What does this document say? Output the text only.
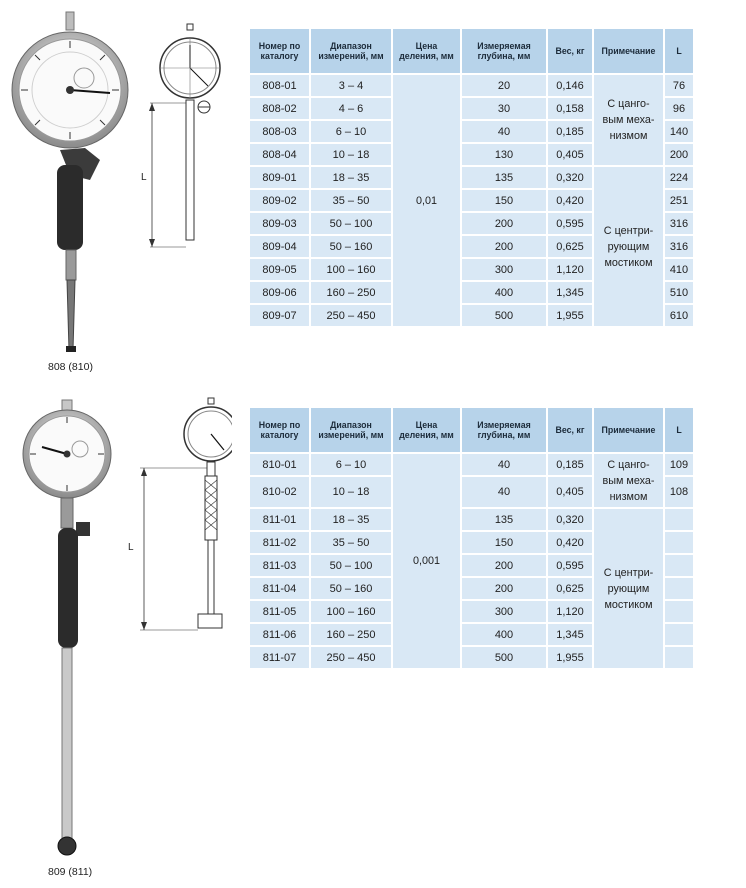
808 (810)
L
Номер по каталогу	Диапазон измерений, мм	Цена деления, мм	Измеряемая глубина, мм	Вес, кг	Примечание	L
808-01	3 – 4	0,01	20	0,146	С цанго-вым меха-низмом	76
808-02	4 – 6		30	0,158		96
808-03	6 – 10		40	0,185		140
808-04	10 – 18		130	0,405		200
809-01	18 – 35		135	0,320	С центри-рующим мостиком	224
809-02	35 – 50		150	0,420		251
809-03	50 – 100		200	0,595		316
809-04	50 – 160		200	0,625		316
809-05	100 – 160		300	1,120		410
809-06	160 – 250		400	1,345		510
809-07	250 – 450		500	1,955		610
809 (811)
L
Номер по каталогу	Диапазон измерений, мм	Цена деления, мм	Измеряемая глубина, мм	Вес, кг	Примечание	L
810-01	6 – 10	0,001	40	0,185	С цанго-вым меха-низмом	109
810-02	10 – 18		40	0,405		108
811-01	18 – 35		135	0,320	С центри-рующим мостиком	
811-02	35 – 50		150	0,420		
811-03	50 – 100		200	0,595		
811-04	50 – 160		200	0,625		
811-05	100 – 160		300	1,120		
811-06	160 – 250		400	1,345		
811-07	250 – 450		500	1,955		
